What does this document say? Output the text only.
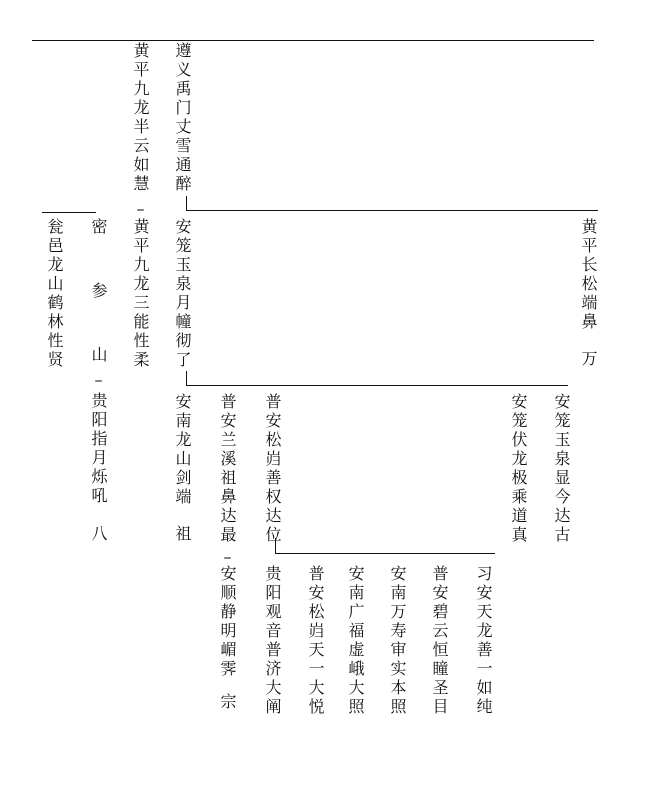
遵义禹门丈雪通醉
黄平九龙半云如慧
–
黄平长松端鼻
万
安笼玉泉月幢彻了
黄平九龙三能性柔
密
参
山
–
贵阳指月烁吼
八
瓮邑龙山鹤林性贤
安南龙山剑端
祖	普安松岿善权达位
普安兰溪祖鼻达最
–
安顺静明嵋霁
宗
安笼玉泉显今达古
安笼伏龙极乘道真
贵阳观音普济大阐 普安松岿天一大悦 安南广福虚峨大照 安南万寿审实本照 普安碧云恒瞳圣目 习安天龙善一如纯
